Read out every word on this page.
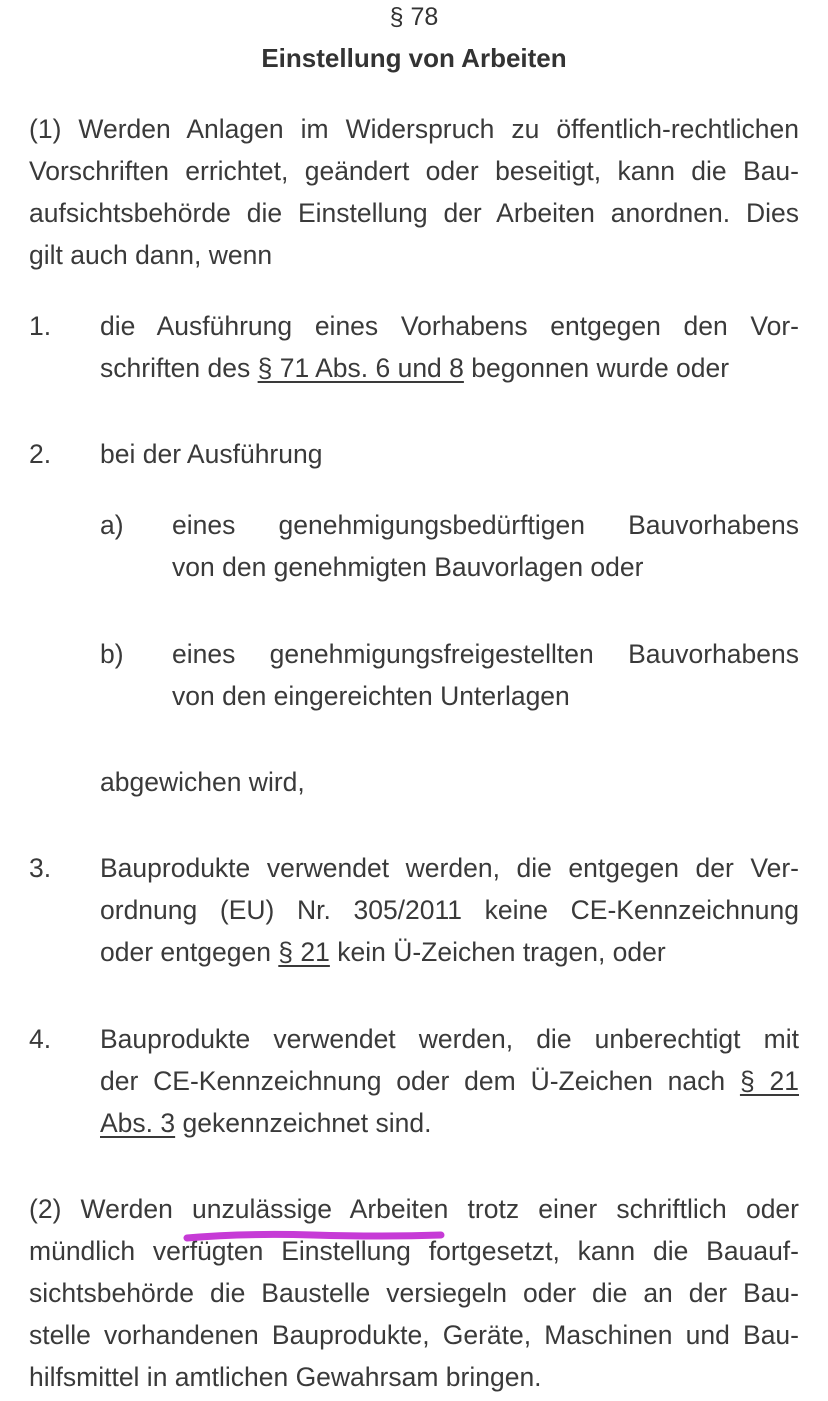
§ 78
Einstellung von Arbeiten
(1) Werden Anlagen im Widerspruch zu öffentlich-rechtlichen
Vorschriften errichtet, geändert oder beseitigt, kann die Bau-
aufsichtsbehörde die Einstellung der Arbeiten anordnen. Dies
gilt auch dann, wenn
1. die Ausführung eines Vorhabens entgegen den Vor-
schriften des § 71 Abs. 6 und 8 begonnen wurde oder
2. bei der Ausführung
a) eines genehmigungsbedürftigen Bauvorhabens
von den genehmigten Bauvorlagen oder
b) eines genehmigungsfreigestellten Bauvorhabens
von den eingereichten Unterlagen
abgewichen wird,
3. Bauprodukte verwendet werden, die entgegen der Ver-
ordnung (EU) Nr. 305/2011 keine CE-Kennzeichnung
oder entgegen § 21 kein Ü-Zeichen tragen, oder
4. Bauprodukte verwendet werden, die unberechtigt mit
der CE-Kennzeichnung oder dem Ü-Zeichen nach § 21
Abs. 3 gekennzeichnet sind.
(2) Werden unzulässige Arbeiten trotz einer schriftlich oder
mündlich verfügten Einstellung fortgesetzt, kann die Bauauf-
sichtsbehörde die Baustelle versiegeln oder die an der Bau-
stelle vorhandenen Bauprodukte, Geräte, Maschinen und Bau-
hilfsmittel in amtlichen Gewahrsam bringen.
